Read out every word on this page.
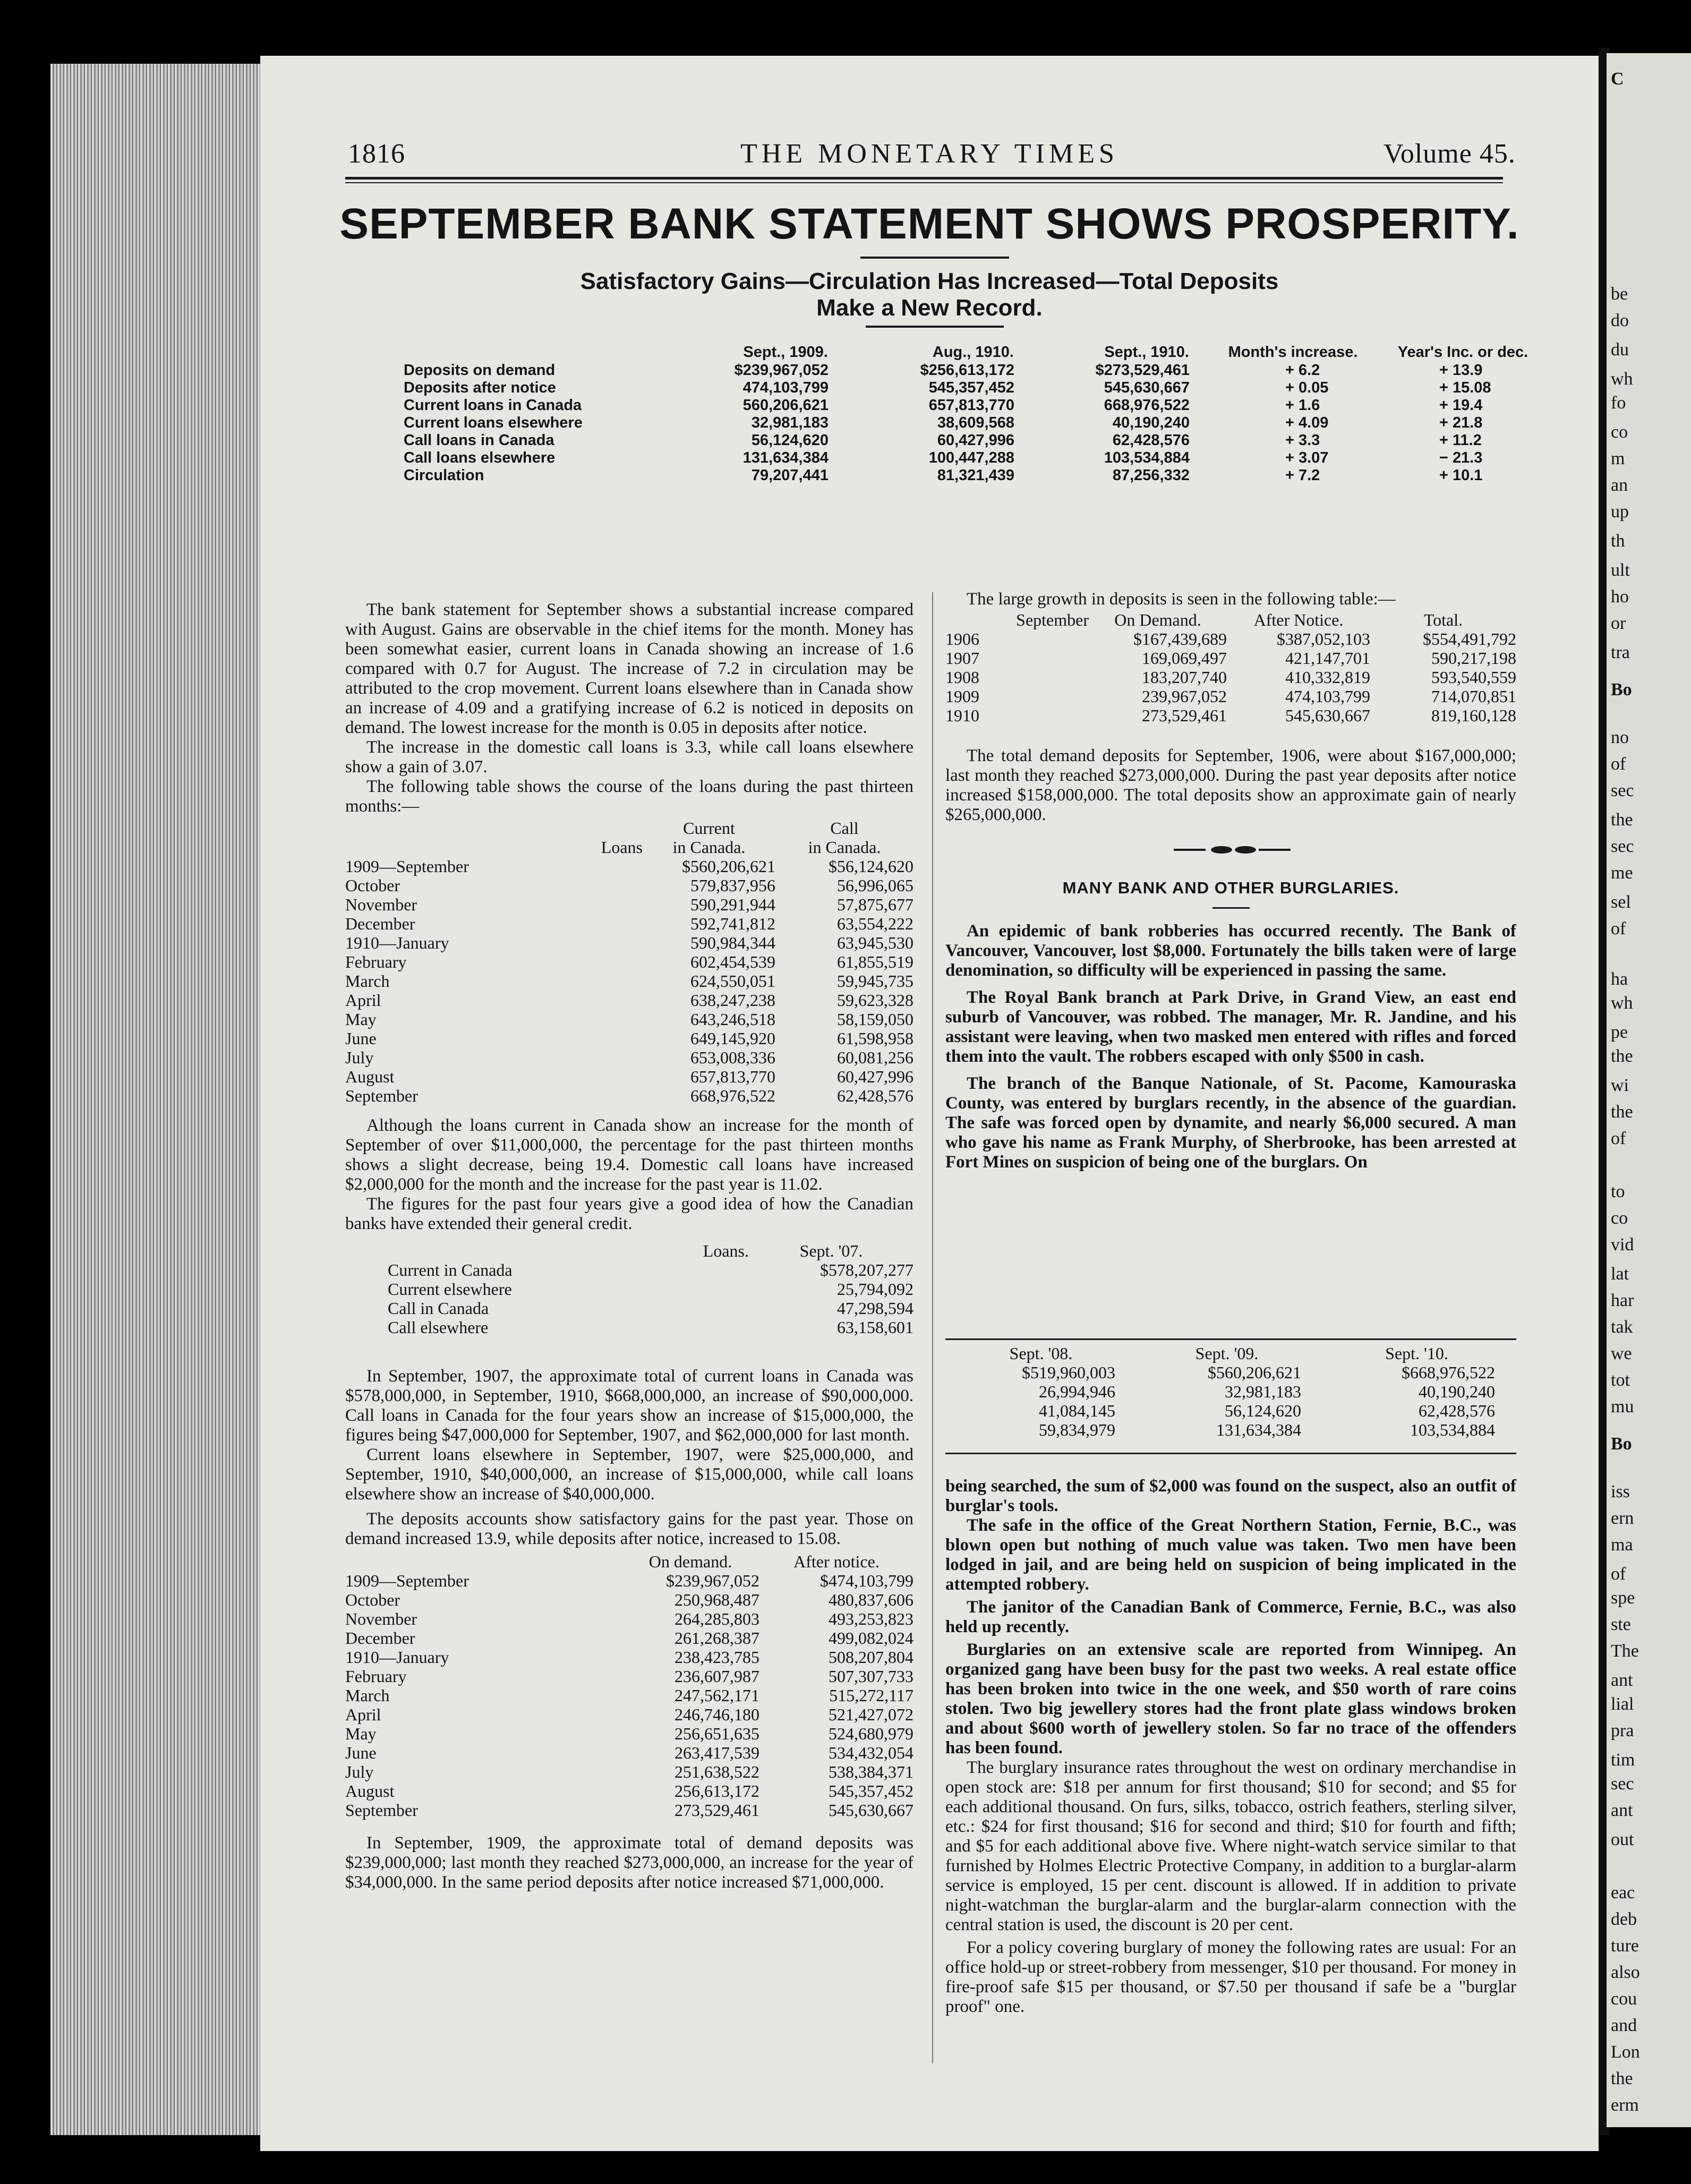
1816	THE MONETARY TIMES	Volume 45.
SEPTEMBER BANK STATEMENT SHOWS PROSPERITY.
Satisfactory Gains—Circulation Has Increased—Total Deposits
Make a New Record.
	Sept., 1909.	Aug., 1910.	Sept., 1910.	Month's increase.	Year's Inc. or dec.
Deposits on demand	$239,967,052	$256,613,172	$273,529,461	+ 6.2	+ 13.9
Deposits after notice	474,103,799	545,357,452	545,630,667	+ 0.05	+ 15.08
Current loans in Canada	560,206,621	657,813,770	668,976,522	+ 1.6	+ 19.4
Current loans elsewhere	32,981,183	38,609,568	40,190,240	+ 4.09	+ 21.8
Call loans in Canada	56,124,620	60,427,996	62,428,576	+ 3.3	+ 11.2
Call loans elsewhere	131,634,384	100,447,288	103,534,884	+ 3.07	− 21.3
Circulation	79,207,441	81,321,439	87,256,332	+ 7.2	+ 10.1

The bank statement for September shows a substantial increase compared with August. Gains are observable in the chief items for the month. Money has been somewhat easier, current loans in Canada showing an increase of 1.6 compared with 0.7 for August. The increase of 7.2 in circulation may be attributed to the crop movement. Current loans elsewhere than in Canada show an increase of 4.09 and a gratifying increase of 6.2 is noticed in deposits on demand. The lowest increase for the month is 0.05 in deposits after notice.

The increase in the domestic call loans is 3.3, while call loans elsewhere show a gain of 3.07.

The following table shows the course of the loans during the past thirteen months:—

	Current	Call
Loans	in Canada.	in Canada.
1909—September	$560,206,621	$56,124,620
October	579,837,956	56,996,065
November	590,291,944	57,875,677
December	592,741,812	63,554,222
1910—January	590,984,344	63,945,530
February	602,454,539	61,855,519
March	624,550,051	59,945,735
April	638,247,238	59,623,328
May	643,246,518	58,159,050
June	649,145,920	61,598,958
July	653,008,336	60,081,256
August	657,813,770	60,427,996
September	668,976,522	62,428,576

Although the loans current in Canada show an increase for the month of September of over $11,000,000, the percentage for the past thirteen months shows a slight decrease, being 19.4. Domestic call loans have increased $2,000,000 for the month and the increase for the past year is 11.02.

The figures for the past four years give a good idea of how the Canadian banks have extended their general credit.

Loans.	Sept. '07.
Current in Canada	$578,207,277
Current elsewhere	25,794,092
Call in Canada	47,298,594
Call elsewhere	63,158,601

In September, 1907, the approximate total of current loans in Canada was $578,000,000, in September, 1910, $668,000,000, an increase of $90,000,000. Call loans in Canada for the four years show an increase of $15,000,000, the figures being $47,000,000 for September, 1907, and $62,000,000 for last month.

Current loans elsewhere in September, 1907, were $25,000,000, and September, 1910, $40,000,000, an increase of $15,000,000, while call loans elsewhere show an increase of $40,000,000.

The deposits accounts show satisfactory gains for the past year. Those on demand increased 13.9, while deposits after notice, increased to 15.08.

	On demand.	After notice.
1909—September	$239,967,052	$474,103,799
October	250,968,487	480,837,606
November	264,285,803	493,253,823
December	261,268,387	499,082,024
1910—January	238,423,785	508,207,804
February	236,607,987	507,307,733
March	247,562,171	515,272,117
April	246,746,180	521,427,072
May	256,651,635	524,680,979
June	263,417,539	534,432,054
July	251,638,522	538,384,371
August	256,613,172	545,357,452
September	273,529,461	545,630,667

In September, 1909, the approximate total of demand deposits was $239,000,000; last month they reached $273,000,000, an increase for the year of $34,000,000. In the same period deposits after notice increased $71,000,000.

The large growth in deposits is seen in the following table:—

September	On Demand.	After Notice.	Total.
1906	$167,439,689	$387,052,103	$554,491,792
1907	169,069,497	421,147,701	590,217,198
1908	183,207,740	410,332,819	593,540,559
1909	239,967,052	474,103,799	714,070,851
1910	273,529,461	545,630,667	819,160,128

The total demand deposits for September, 1906, were about $167,000,000; last month they reached $273,000,000. During the past year deposits after notice increased $158,000,000. The total deposits show an approximate gain of nearly $265,000,000.

MANY BANK AND OTHER BURGLARIES.

An epidemic of bank robberies has occurred recently. The Bank of Vancouver, Vancouver, lost $8,000. Fortunately the bills taken were of large denomination, so difficulty will be experienced in passing the same.

The Royal Bank branch at Park Drive, in Grand View, an east end suburb of Vancouver, was robbed. The manager, Mr. R. Jandine, and his assistant were leaving, when two masked men entered with rifles and forced them into the vault. The robbers escaped with only $500 in cash.

The branch of the Banque Nationale, of St. Pacome, Kamouraska County, was entered by burglars recently, in the absence of the guardian. The safe was forced open by dynamite, and nearly $6,000 secured. A man who gave his name as Frank Murphy, of Sherbrooke, has been arrested at Fort Mines on suspicion of being one of the burglars. On

Sept. '08.	Sept. '09.	Sept. '10.
$519,960,003	$560,206,621	$668,976,522
26,994,946	32,981,183	40,190,240
41,084,145	56,124,620	62,428,576
59,834,979	131,634,384	103,534,884

being searched, the sum of $2,000 was found on the suspect, also an outfit of burglar's tools.

The safe in the office of the Great Northern Station, Fernie, B.C., was blown open but nothing of much value was taken. Two men have been lodged in jail, and are being held on suspicion of being implicated in the attempted robbery.

The janitor of the Canadian Bank of Commerce, Fernie, B.C., was also held up recently.

Burglaries on an extensive scale are reported from Winnipeg. An organized gang have been busy for the past two weeks. A real estate office has been broken into twice in the one week, and $50 worth of rare coins stolen. Two big jewellery stores had the front plate glass windows broken and about $600 worth of jewellery stolen. So far no trace of the offenders has been found.

The burglary insurance rates throughout the west on ordinary merchandise in open stock are: $18 per annum for first thousand; $10 for second; and $5 for each additional thousand. On furs, silks, tobacco, ostrich feathers, sterling silver, etc.: $24 for first thousand; $16 for second and third; $10 for fourth and fifth; and $5 for each additional above five. Where night-watch service similar to that furnished by Holmes Electric Protective Company, in addition to a burglar-alarm service is employed, 15 per cent. discount is allowed. If in addition to private night-watchman the burglar-alarm and the burglar-alarm connection with the central station is used, the discount is 20 per cent.

For a policy covering burglary of money the following rates are usual: For an office hold-up or street-robbery from messenger, $10 per thousand. For money in fire-proof safe $15 per thousand, or $7.50 per thousand if safe be a "burglar proof" one.

C
be
do
du
wh
fo
co
m
an
up
th
ult
ho
or
tra
Bo
no
of
sec
the
sec
me
sel
of
ha
wh
pe
the
wi
the
of
to
co
vid
lat
har
tak
we
tot
mu
Bo
iss
ern
ma
of
spe
ste
The
ant
lial
pra
tim
sec
ant
out
eac
deb
ture
also
cou
and
Lon
the
erm
